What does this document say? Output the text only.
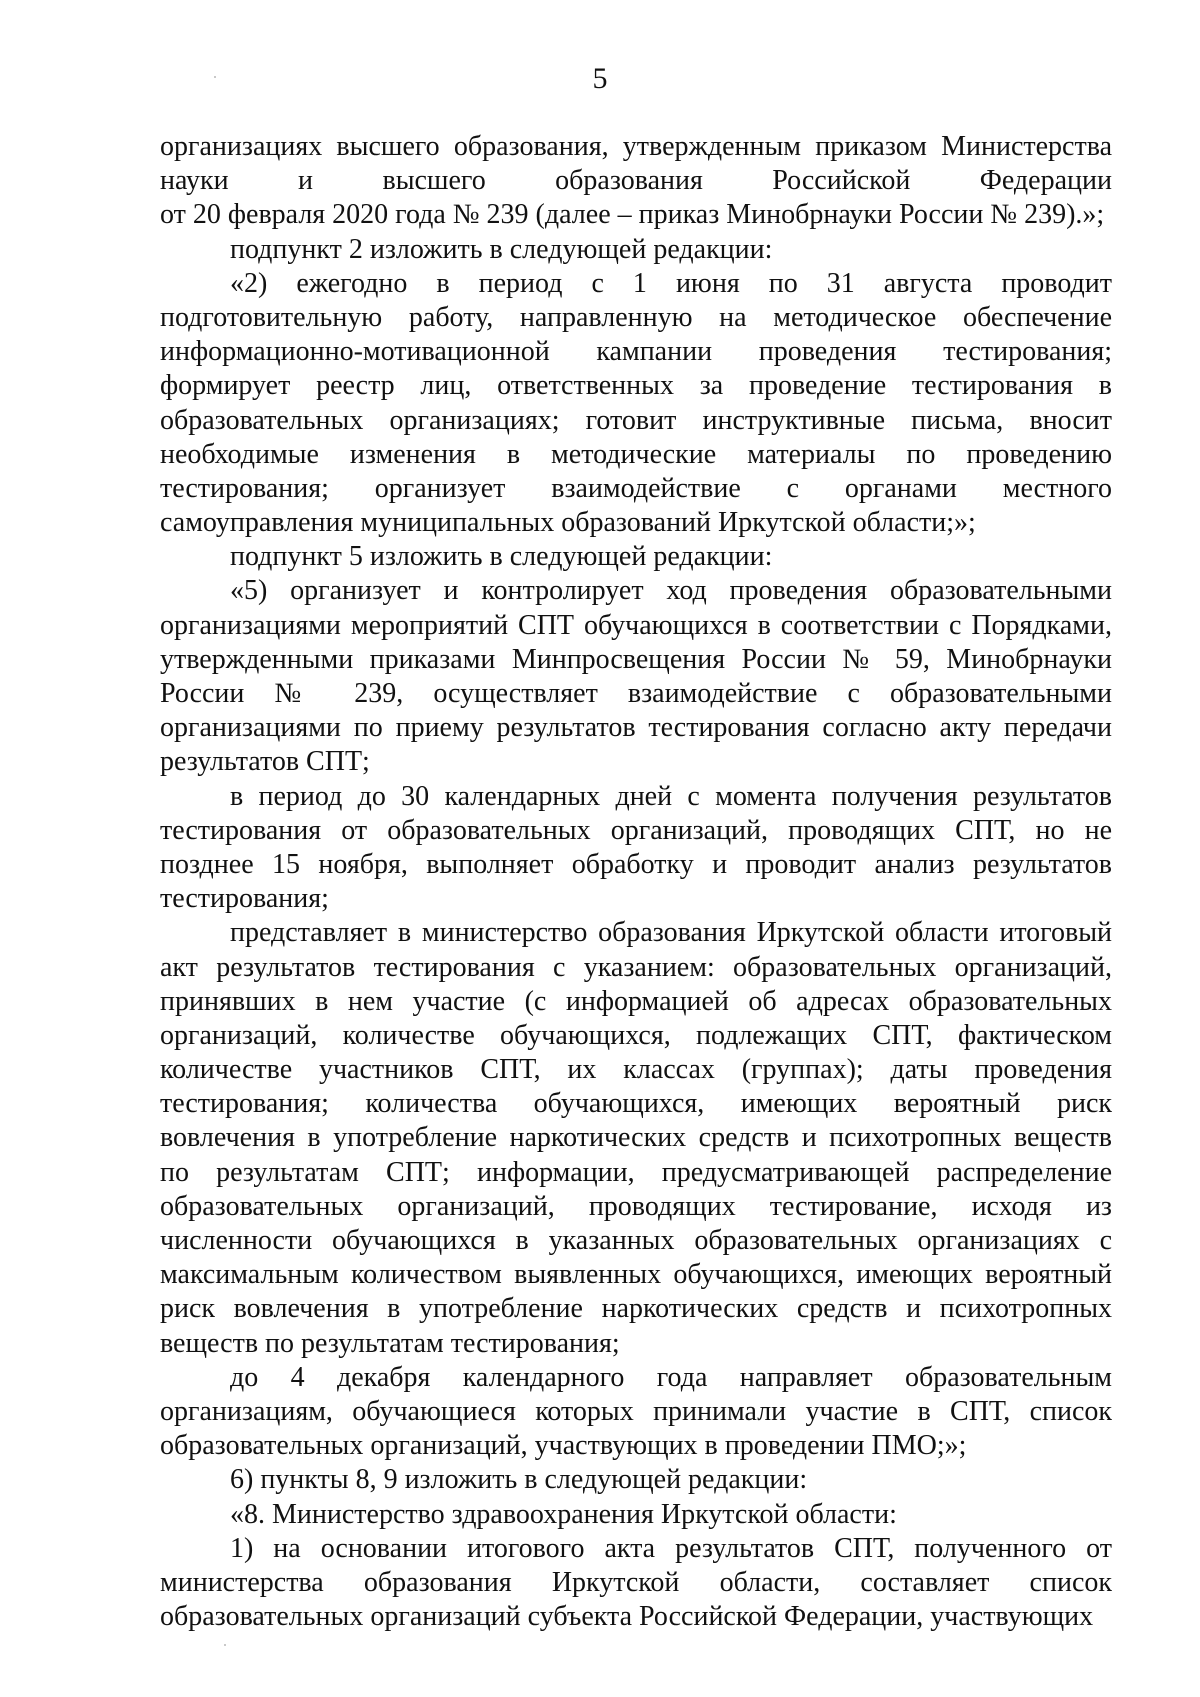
5
организациях высшего образования, утвержденным приказом Министерства
науки и высшего образования Российской Федерации
от 20 февраля 2020 года № 239 (далее – приказ Минобрнауки России № 239).»;
подпункт 2 изложить в следующей редакции:
«2) ежегодно в период с 1 июня по 31 августа проводит
подготовительную работу, направленную на методическое обеспечение
информационно-мотивационной кампании проведения тестирования;
формирует реестр лиц, ответственных за проведение тестирования в
образовательных организациях; готовит инструктивные письма, вносит
необходимые изменения в методические материалы по проведению
тестирования; организует взаимодействие с органами местного
самоуправления муниципальных образований Иркутской области;»;
подпункт 5 изложить в следующей редакции:
«5) организует и контролирует ход проведения образовательными
организациями мероприятий СПТ обучающихся в соответствии с Порядками,
утвержденными приказами Минпросвещения России № 59, Минобрнауки
России № 239, осуществляет взаимодействие с образовательными
организациями по приему результатов тестирования согласно акту передачи
результатов СПТ;
в период до 30 календарных дней с момента получения результатов
тестирования от образовательных организаций, проводящих СПТ, но не
позднее 15 ноября, выполняет обработку и проводит анализ результатов
тестирования;
представляет в министерство образования Иркутской области итоговый
акт результатов тестирования с указанием: образовательных организаций,
принявших в нем участие (с информацией об адресах образовательных
организаций, количестве обучающихся, подлежащих СПТ, фактическом
количестве участников СПТ, их классах (группах); даты проведения
тестирования; количества обучающихся, имеющих вероятный риск
вовлечения в употребление наркотических средств и психотропных веществ
по результатам СПТ; информации, предусматривающей распределение
образовательных организаций, проводящих тестирование, исходя из
численности обучающихся в указанных образовательных организациях с
максимальным количеством выявленных обучающихся, имеющих вероятный
риск вовлечения в употребление наркотических средств и психотропных
веществ по результатам тестирования;
до 4 декабря календарного года направляет образовательным
организациям, обучающиеся которых принимали участие в СПТ, список
образовательных организаций, участвующих в проведении ПМО;»;
6) пункты 8, 9 изложить в следующей редакции:
«8. Министерство здравоохранения Иркутской области:
1) на основании итогового акта результатов СПТ, полученного от
министерства образования Иркутской области, составляет список
образовательных организаций субъекта Российской Федерации, участвующих
